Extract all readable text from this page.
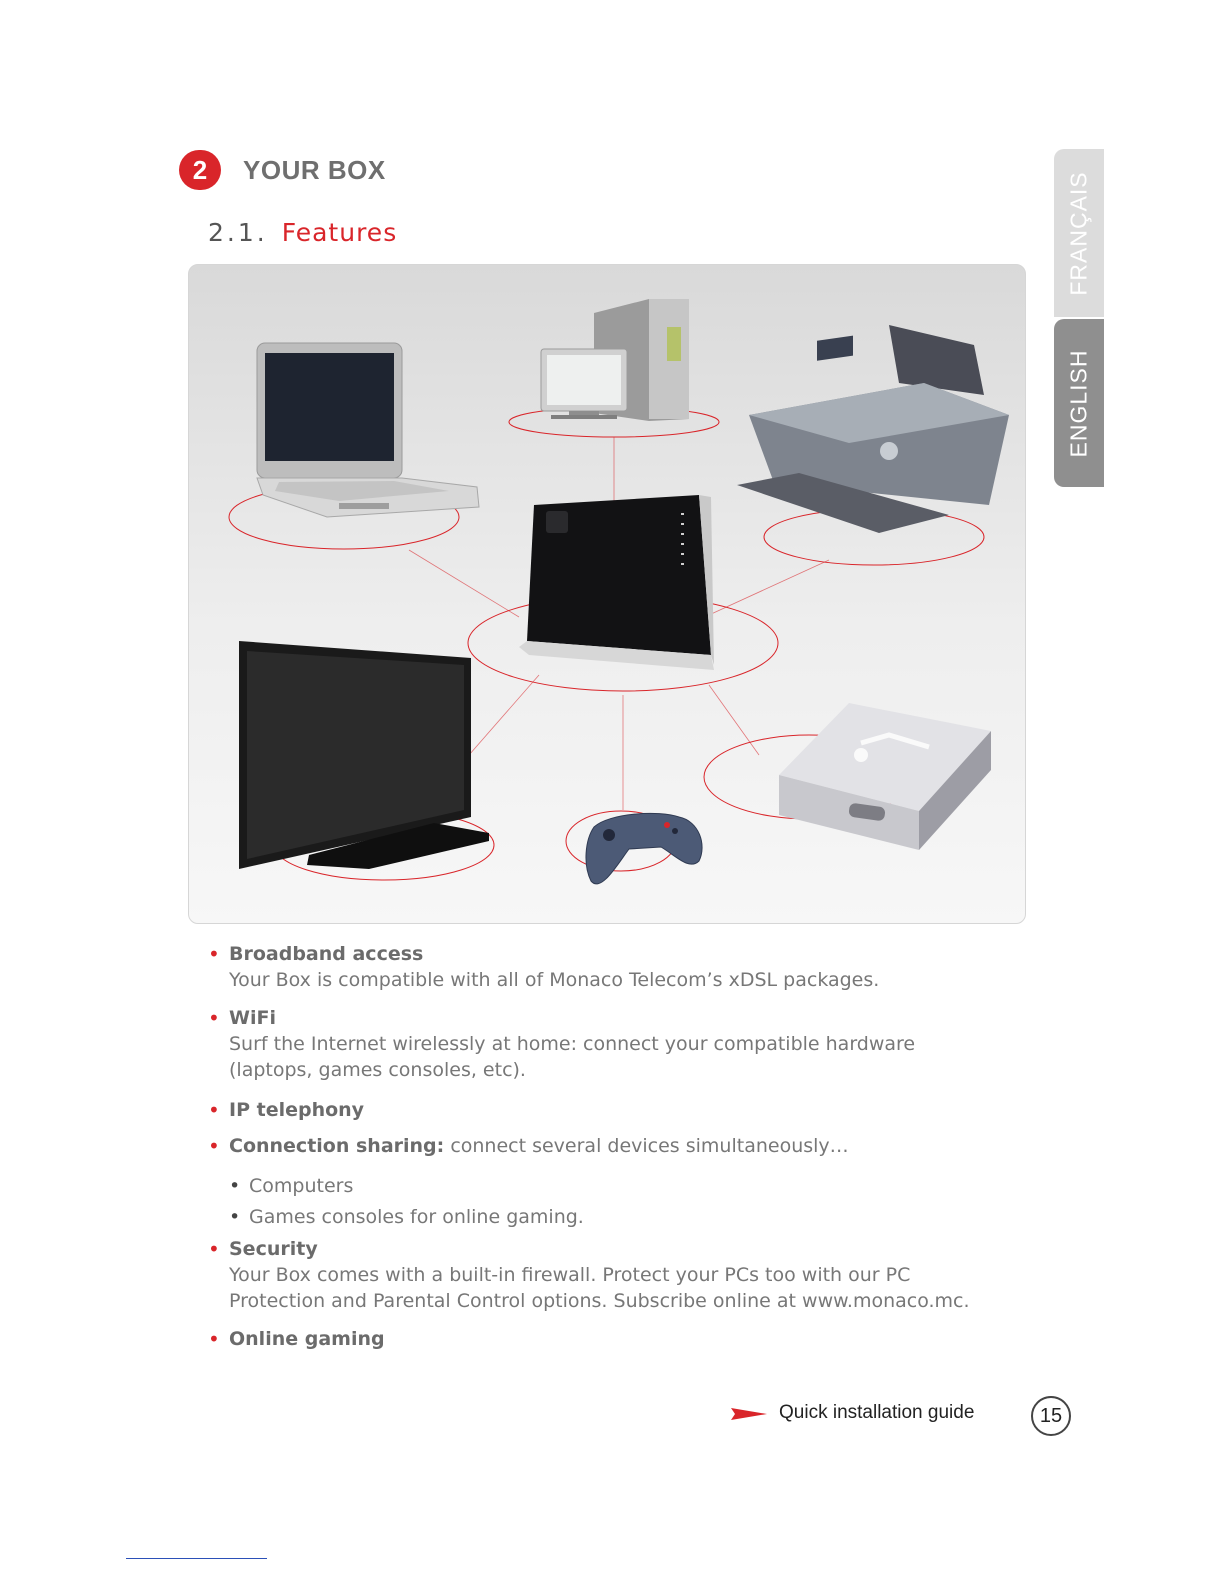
2	YOUR BOX
2.1. Features	FRANÇAIS
ENGLISH
• Broadband access
Your Box is compatible with all of Monaco Telecom’s xDSL packages.
• WiFi
Surf the Internet wirelessly at home: connect your compatible hardware (laptops, games consoles, etc).
• IP telephony
• Connection sharing: connect several devices simultaneously…
• Computers
• Games consoles for online gaming.
• Security
Your Box comes with a built-in firewall. Protect your PCs too with our PC Protection and Parental Control options. Subscribe online at www.monaco.mc.
• Online gaming
Quick installation guide	15
